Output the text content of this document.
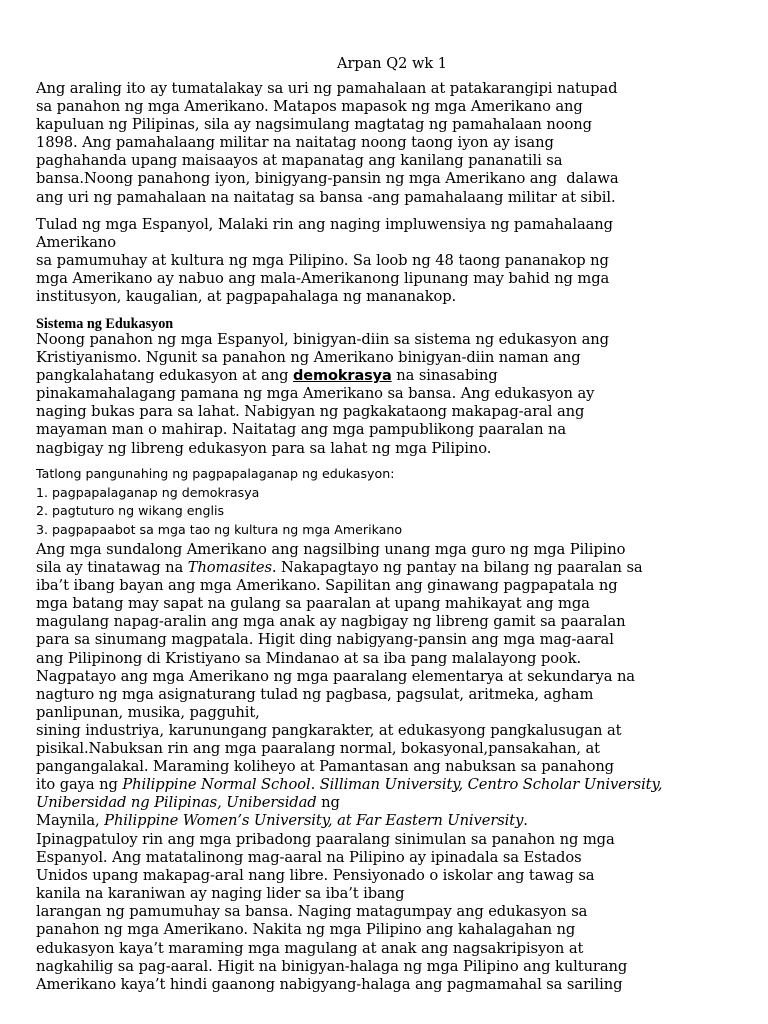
Arpan Q2 wk 1
Ang araling ito ay tumatalakay sa uri ng pamahalaan at patakarangipi natupad
sa panahon ng mga Amerikano. Matapos mapasok ng mga Amerikano ang
kapuluan ng Pilipinas, sila ay nagsimulang magtatag ng pamahalaan noong
1898. Ang pamahalaang militar na naitatag noong taong iyon ay isang
paghahanda upang maisaayos at mapanatag ang kanilang pananatili sa
bansa.Noong panahong iyon, binigyang-pansin ng mga Amerikano ang  dalawa
ang uri ng pamahalaan na naitatag sa bansa -ang pamahalaang militar at sibil.
Tulad ng mga Espanyol, Malaki rin ang naging impluwensiya ng pamahalaang
Amerikano
sa pamumuhay at kultura ng mga Pilipino. Sa loob ng 48 taong pananakop ng
mga Amerikano ay nabuo ang mala-Amerikanong lipunang may bahid ng mga
institusyon, kaugalian, at pagpapahalaga ng mananakop.
Sistema ng Edukasyon
Noong panahon ng mga Espanyol, binigyan-diin sa sistema ng edukasyon ang
Kristiyanismo. Ngunit sa panahon ng Amerikano binigyan-diin naman ang
pangkalahatang edukasyon at ang demokrasya na sinasabing
pinakamahalagang pamana ng mga Amerikano sa bansa. Ang edukasyon ay
naging bukas para sa lahat. Nabigyan ng pagkakataong makapag-aral ang
mayaman man o mahirap. Naitatag ang mga pampublikong paaralan na
nagbigay ng libreng edukasyon para sa lahat ng mga Pilipino.
Tatlong pangunahing ng pagpapalaganap ng edukasyon:
1. pagpapalaganap ng demokrasya
2. pagtuturo ng wikang englis
3. pagpapaabot sa mga tao ng kultura ng mga Amerikano
Ang mga sundalong Amerikano ang nagsilbing unang mga guro ng mga Pilipino
sila ay tinatawag na Thomasites. Nakapagtayo ng pantay na bilang ng paaralan sa
iba’t ibang bayan ang mga Amerikano. Sapilitan ang ginawang pagpapatala ng
mga batang may sapat na gulang sa paaralan at upang mahikayat ang mga
magulang napag-aralin ang mga anak ay nagbigay ng libreng gamit sa paaralan
para sa sinumang magpatala. Higit ding nabigyang-pansin ang mga mag-aaral
ang Pilipinong di Kristiyano sa Mindanao at sa iba pang malalayong pook.
Nagpatayo ang mga Amerikano ng mga paaralang elementarya at sekundarya na
nagturo ng mga asignaturang tulad ng pagbasa, pagsulat, aritmeka, agham
panlipunan, musika, pagguhit,
sining industriya, karunungang pangkarakter, at edukasyong pangkalusugan at
pisikal.Nabuksan rin ang mga paaralang normal, bokasyonal,pansakahan, at
pangangalakal. Maraming koliheyo at Pamantasan ang nabuksan sa panahong
ito gaya ng Philippine Normal School. Silliman University, Centro Scholar University,
Unibersidad ng Pilipinas, Unibersidad ng
Maynila, Philippine Women’s University, at Far Eastern University.
Ipinagpatuloy rin ang mga pribadong paaralang sinimulan sa panahon ng mga
Espanyol. Ang matatalinong mag-aaral na Pilipino ay ipinadala sa Estados
Unidos upang makapag-aral nang libre. Pensiyonado o iskolar ang tawag sa
kanila na karaniwan ay naging lider sa iba’t ibang
larangan ng pamumuhay sa bansa. Naging matagumpay ang edukasyon sa
panahon ng mga Amerikano. Nakita ng mga Pilipino ang kahalagahan ng
edukasyon kaya’t maraming mga magulang at anak ang nagsakripisyon at
nagkahilig sa pag-aaral. Higit na binigyan-halaga ng mga Pilipino ang kulturang
Amerikano kaya’t hindi gaanong nabigyang-halaga ang pagmamahal sa sariling
